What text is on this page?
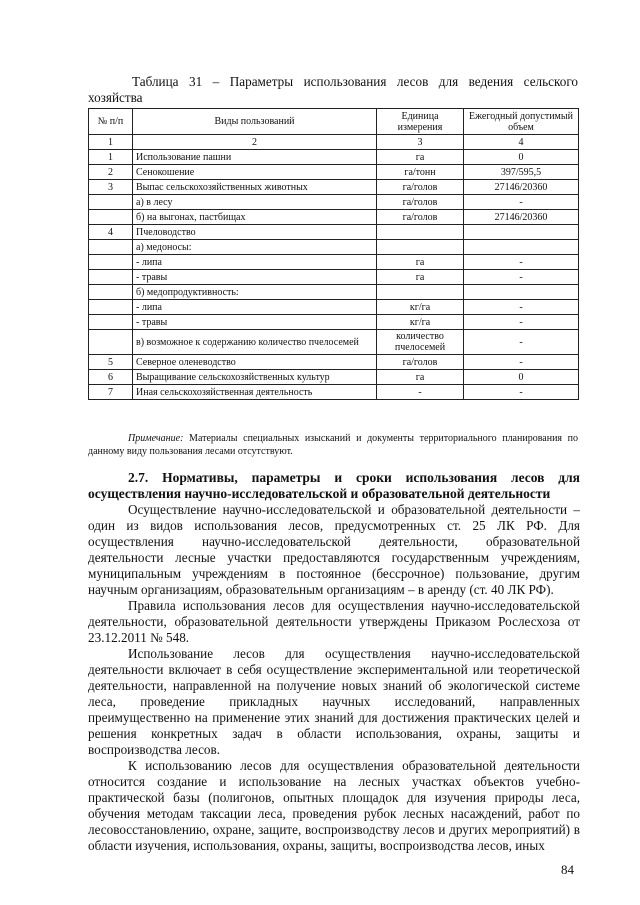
Таблица 31 – Параметры использования лесов для ведения сельского
хозяйства
№ п/п	Виды пользований	Единица измерения	Ежегодный допустимый объем
1	2	3	4
1	Использование пашни	га	0
2	Сенокошение	га/тонн	397/595,5
3	Выпас сельскохозяйственных животных	га/голов	27146/20360
	а) в лесу	га/голов	-
	б) на выгонах, пастбищах	га/голов	27146/20360
4	Пчеловодство		
	а) медоносы:		
	- липа	га	-
	- травы	га	-
	б) медопродуктивность:		
	- липа	кг/га	-
	- травы	кг/га	-
	в) возможное к содержанию количество пчелосемей	количество пчелосемей	-
5	Северное оленеводство	га/голов	-
6	Выращивание сельскохозяйственных культур	га	0
7	Иная сельскохозяйственная деятельность	-	-
Примечание: Материалы специальных изысканий и документы территориального планирования по данному виду пользования лесами отсутствуют.
2.7. Нормативы, параметры и сроки использования лесов для осуществления научно-исследовательской и образовательной деятельности
Осуществление научно-исследовательской и образовательной деятельности – один из видов использования лесов, предусмотренных ст. 25 ЛК РФ. Для осуществления научно-исследовательской деятельности, образовательной деятельности лесные участки предоставляются государственным учреждениям, муниципальным учреждениям в постоянное (бессрочное) пользование, другим научным организациям, образовательным организациям – в аренду (ст. 40 ЛК РФ).
Правила использования лесов для осуществления научно-исследовательской деятельности, образовательной деятельности утверждены Приказом Рослесхоза от 23.12.2011 № 548.
Использование лесов для осуществления научно-исследовательской деятельности включает в себя осуществление экспериментальной или теоретической деятельности, направленной на получение новых знаний об экологической системе леса, проведение прикладных научных исследований, направленных преимущественно на применение этих знаний для достижения практических целей и решения конкретных задач в области использования, охраны, защиты и воспроизводства лесов.
К использованию лесов для осуществления образовательной деятельности относится создание и использование на лесных участках объектов учебно-практической базы (полигонов, опытных площадок для изучения природы леса, обучения методам таксации леса, проведения рубок лесных насаждений, работ по лесовосстановлению, охране, защите, воспроизводству лесов и других мероприятий) в области изучения, использования, охраны, защиты, воспроизводства лесов, иных
84
